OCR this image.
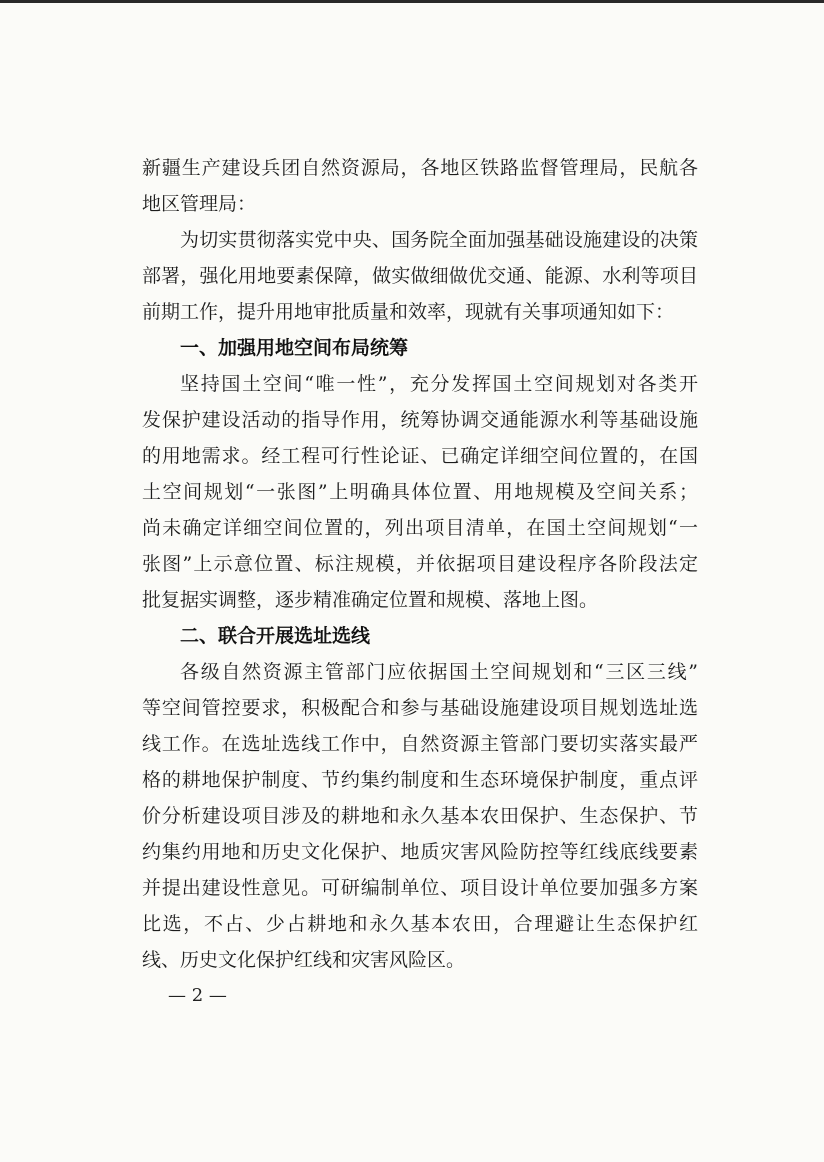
新疆生产建设兵团自然资源局，各地区铁路监督管理局，民航各
地区管理局：
为切实贯彻落实党中央、国务院全面加强基础设施建设的决策
部署，强化用地要素保障，做实做细做优交通、能源、水利等项目
前期工作，提升用地审批质量和效率，现就有关事项通知如下：
一、加强用地空间布局统筹
坚持国土空间“唯一性”，充分发挥国土空间规划对各类开
发保护建设活动的指导作用，统筹协调交通能源水利等基础设施
的用地需求。经工程可行性论证、已确定详细空间位置的，在国
土空间规划“一张图”上明确具体位置、用地规模及空间关系；
尚未确定详细空间位置的，列出项目清单，在国土空间规划“一
张图”上示意位置、标注规模，并依据项目建设程序各阶段法定
批复据实调整，逐步精准确定位置和规模、落地上图。
二、联合开展选址选线
各级自然资源主管部门应依据国土空间规划和“三区三线”
等空间管控要求，积极配合和参与基础设施建设项目规划选址选
线工作。在选址选线工作中，自然资源主管部门要切实落实最严
格的耕地保护制度、节约集约制度和生态环境保护制度，重点评
价分析建设项目涉及的耕地和永久基本农田保护、生态保护、节
约集约用地和历史文化保护、地质灾害风险防控等红线底线要素
并提出建设性意见。可研编制单位、项目设计单位要加强多方案
比选，不占、少占耕地和永久基本农田，合理避让生态保护红
线、历史文化保护红线和灾害风险区。
— 2 —
